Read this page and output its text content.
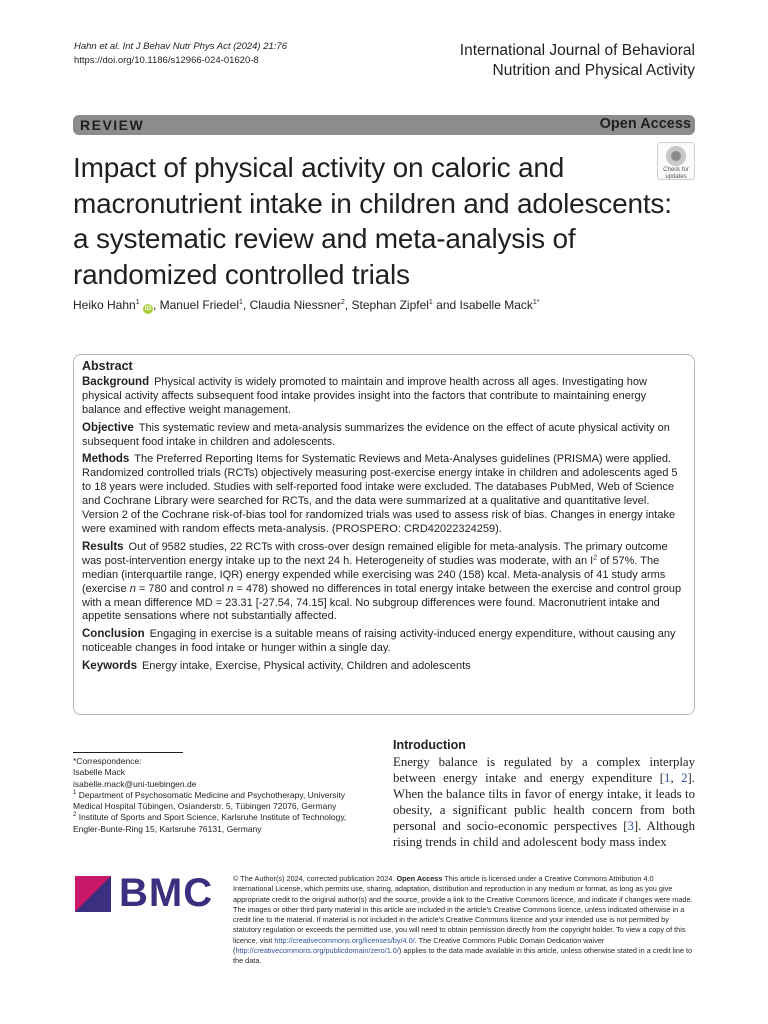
Hahn et al. Int J Behav Nutr Phys Act (2024) 21:76
https://doi.org/10.1186/s12966-024-01620-8
International Journal of Behavioral
Nutrition and Physical Activity
REVIEW	Open Access
Impact of physical activity on caloric and macronutrient intake in children and adolescents: a systematic review and meta-analysis of randomized controlled trials
Check for
updates
Heiko Hahn$^1$ iD , Manuel Friedel$^1$, Claudia Niessner$^2$, Stephan Zipfel$^1$ and Isabelle Mack$^{1*}$
Abstract

Background Physical activity is widely promoted to maintain and improve health across all ages. Investigating how physical activity affects subsequent food intake provides insight into the factors that contribute to maintaining energy balance and effective weight management.

Objective This systematic review and meta-analysis summarizes the evidence on the effect of acute physical activity on subsequent food intake in children and adolescents.

Methods The Preferred Reporting Items for Systematic Reviews and Meta-Analyses guidelines (PRISMA) were applied. Randomized controlled trials (RCTs) objectively measuring post-exercise energy intake in children and adolescents aged 5 to 18 years were included. Studies with self-reported food intake were excluded. The databases PubMed, Web of Science and Cochrane Library were searched for RCTs, and the data were summarized at a qualitative and quantitative level. Version 2 of the Cochrane risk-of-bias tool for randomized trials was used to assess risk of bias. Changes in energy intake were examined with random effects meta-analysis. (PROSPERO: CRD42022324259).

Results Out of 9582 studies, 22 RCTs with cross-over design remained eligible for meta-analysis. The primary outcome was post-intervention energy intake up to the next 24 h. Heterogeneity of studies was moderate, with an $I^2$ of 57%. The median (interquartile range, IQR) energy expended while exercising was 240 (158) kcal. Meta-analysis of 41 study arms (exercise n = 780 and control n = 478) showed no differences in total energy intake between the exercise and control group with a mean difference MD = 23.31 [-27.54, 74.15] kcal. No subgroup differences were found. Macronutrient intake and appetite sensations where not substantially affected.

Conclusion Engaging in exercise is a suitable means of raising activity-induced energy expenditure, without causing any noticeable changes in food intake or hunger within a single day.

Keywords Energy intake, Exercise, Physical activity, Children and adolescents

*Correspondence:
Isabelle Mack
isabelle.mack@uni-tuebingen.de
$^1$ Department of Psychosomatic Medicine and Psychotherapy, University Medical Hospital Tübingen, Osianderstr. 5, Tübingen 72076, Germany
$^2$ Institute of Sports and Sport Science, Karlsruhe Institute of Technology, Engler-Bunte-Ring 15, Karlsruhe 76131, Germany
Introduction

Energy balance is regulated by a complex interplay between energy intake and energy expenditure [1, 2]. When the balance tilts in favor of energy intake, it leads to obesity, a significant public health concern from both personal and socio-economic perspectives [3]. Although rising trends in child and adolescent body mass index

BMC	© The Author(s) 2024, corrected publication 2024. Open Access This article is licensed under a Creative Commons Attribution 4.0 International License, which permits use, sharing, adaptation, distribution and reproduction in any medium or format, as long as you give appropriate credit to the original author(s) and the source, provide a link to the Creative Commons licence, and indicate if changes were made. The images or other third party material in this article are included in the article’s Creative Commons licence, unless indicated otherwise in a credit line to the material. If material is not included in the article’s Creative Commons licence and your intended use is not permitted by statutory regulation or exceeds the permitted use, you will need to obtain permission directly from the copyright holder. To view a copy of this licence, visit http://creativecommons.org/licenses/by/4.0/. The Creative Commons Public Domain Dedication waiver (http://creativecommons.org/publicdomain/zero/1.0/) applies to the data made available in this article, unless otherwise stated in a credit line to the data.
